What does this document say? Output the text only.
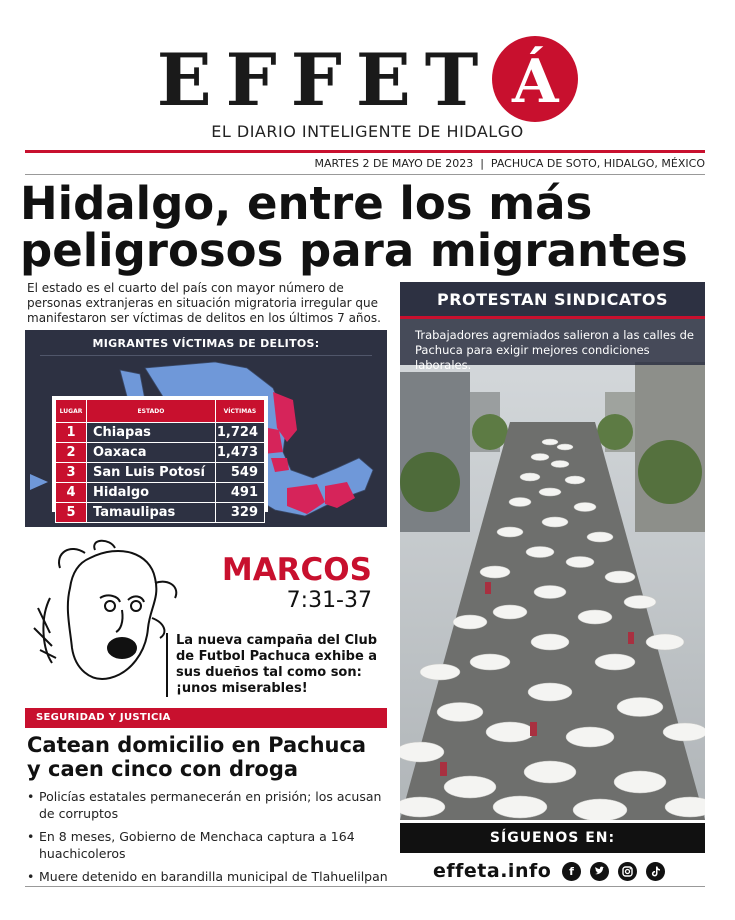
EFFET Á
EL DIARIO INTELIGENTE DE HIDALGO
MARTES 2 DE MAYO DE 2023  |  PACHUCA DE SOTO, HIDALGO, MÉXICO
Hidalgo, entre los más peligrosos para migrantes
El estado es el cuarto del país con mayor número de personas extranjeras en situación migratoria irregular que manifestaron ser víctimas de delitos en los últimos 7 años.
MIGRANTES VÍCTIMAS DE DELITOS:
LUGAR	ESTADO	VÍCTIMAS
1	Chiapas	1,724
2	Oaxaca	1,473
3	San Luis Potosí	549
4	Hidalgo	491
5	Tamaulipas	329
MARCOS
7:31-37
La nueva campaña del Club de Futbol Pachuca exhibe a sus dueños tal como son: ¡unos miserables!
SEGURIDAD Y JUSTICIA
Catean domicilio en Pachuca y caen cinco con droga
• Policías estatales permanecerán en prisión; los acusan de corruptos
• En 8 meses, Gobierno de Menchaca captura a 164 huachicoleros
• Muere detenido en barandilla municipal de Tlahuelilpan
PROTESTAN SINDICATOS
Trabajadores agremiados salieron a las calles de Pachuca para exigir mejores condiciones laborales.
SÍGUENOS EN:
effeta.info	f
